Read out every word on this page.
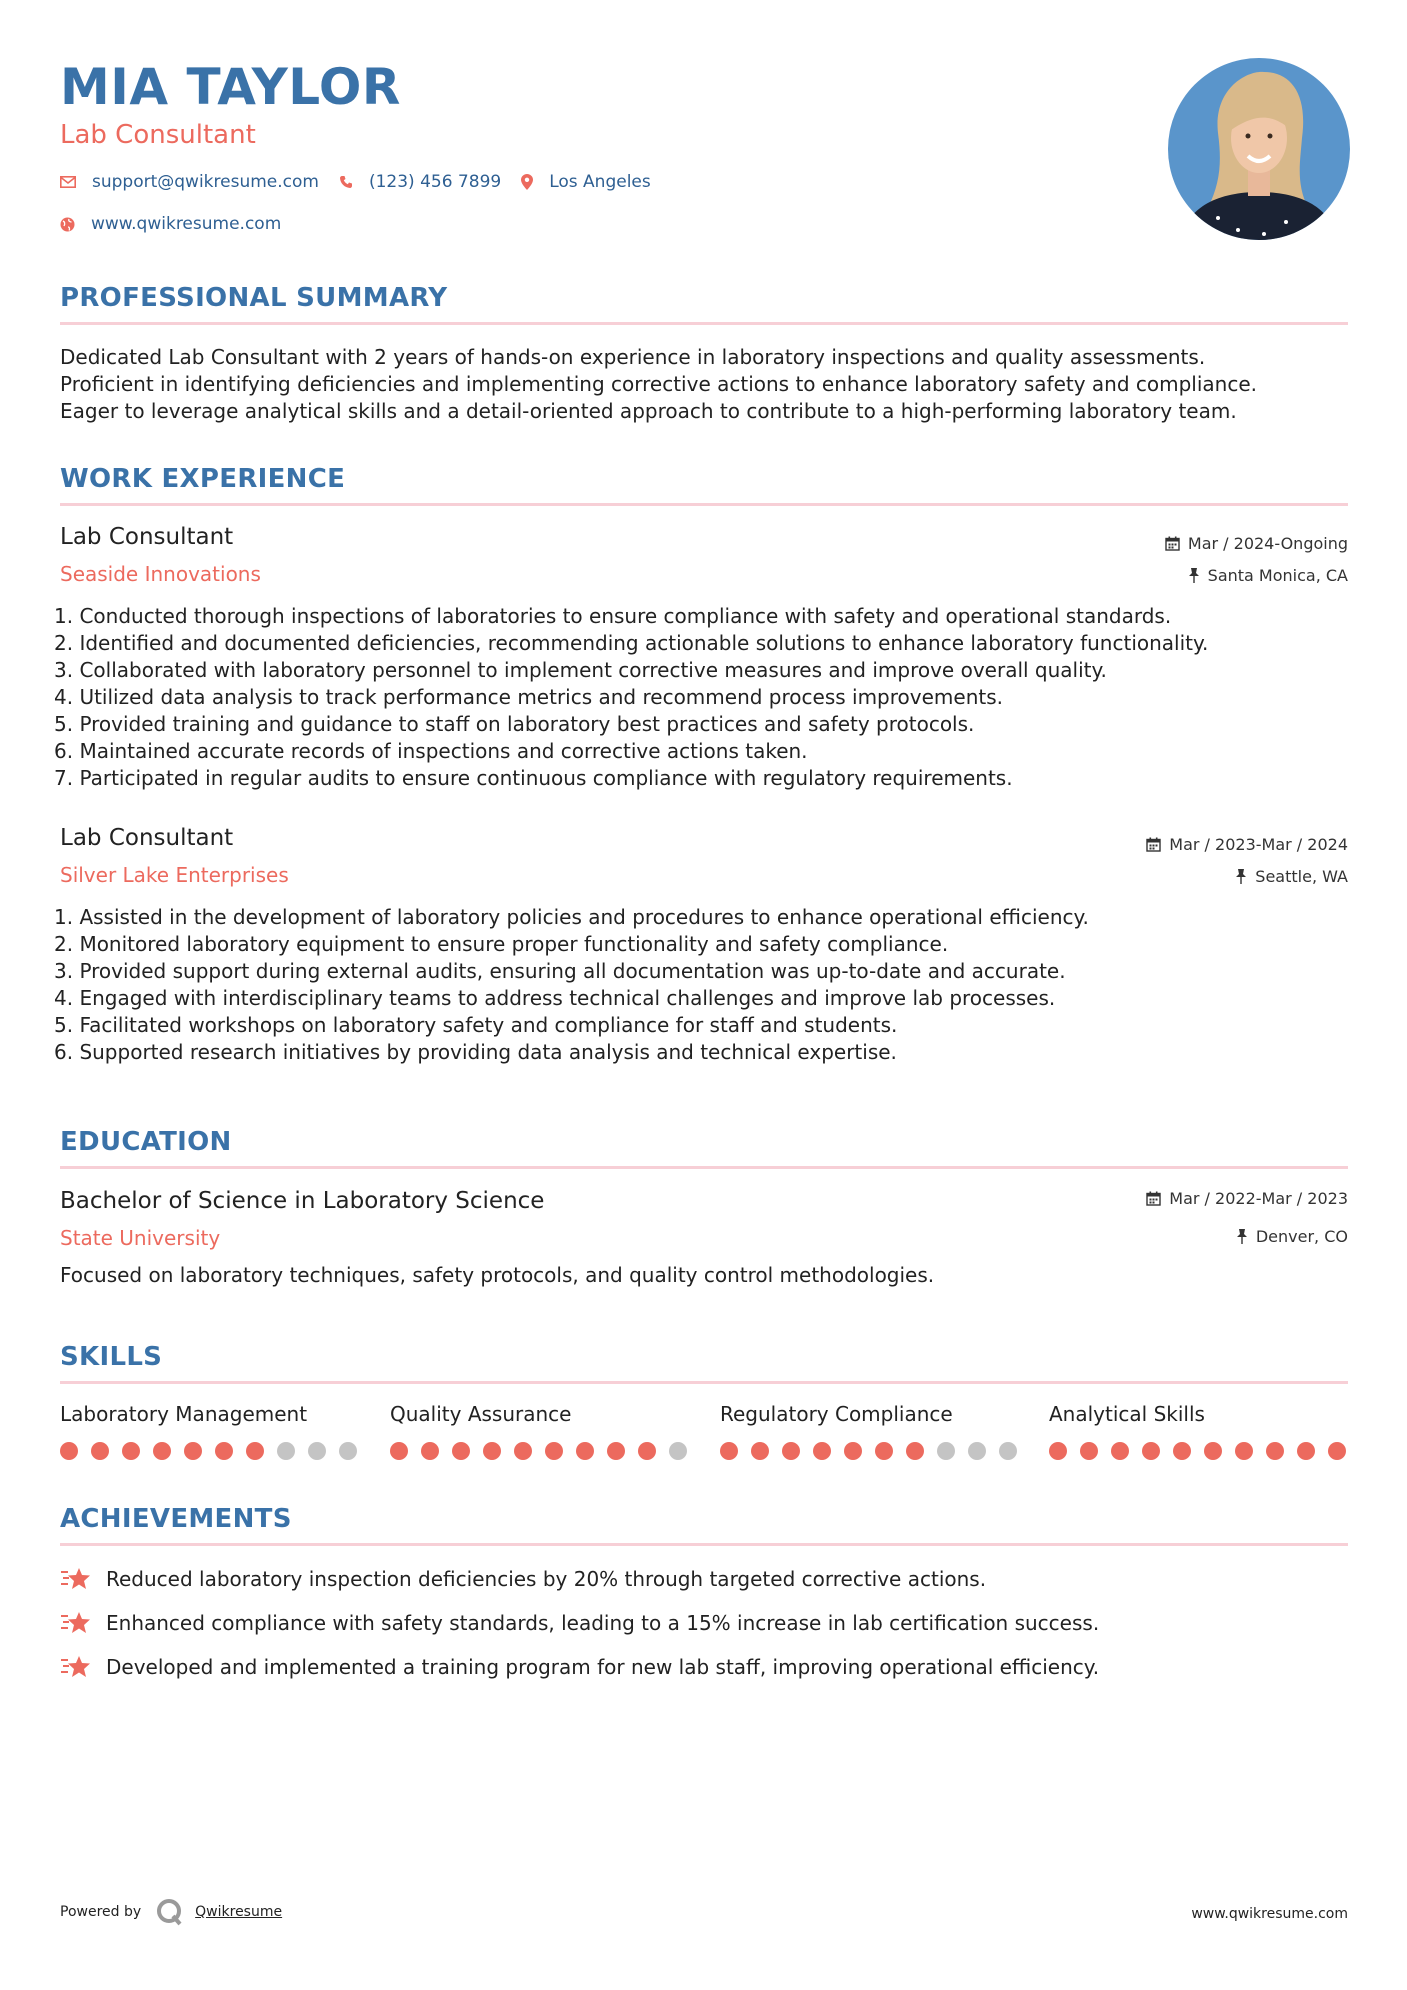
MIA TAYLOR
Lab Consultant
support@qwikresume.com	(123) 456 7899	Los Angeles
www.qwikresume.com
PROFESSIONAL SUMMARY
Dedicated Lab Consultant with 2 years of hands-on experience in laboratory inspections and quality assessments.
Proficient in identifying deficiencies and implementing corrective actions to enhance laboratory safety and compliance.
Eager to leverage analytical skills and a detail-oriented approach to contribute to a high-performing laboratory team.
WORK EXPERIENCE
Lab Consultant
Seaside Innovations
Mar / 2024-Ongoing
Santa Monica, CA
1. Conducted thorough inspections of laboratories to ensure compliance with safety and operational standards.
2. Identified and documented deficiencies, recommending actionable solutions to enhance laboratory functionality.
3. Collaborated with laboratory personnel to implement corrective measures and improve overall quality.
4. Utilized data analysis to track performance metrics and recommend process improvements.
5. Provided training and guidance to staff on laboratory best practices and safety protocols.
6. Maintained accurate records of inspections and corrective actions taken.
7. Participated in regular audits to ensure continuous compliance with regulatory requirements.
Lab Consultant
Silver Lake Enterprises
Mar / 2023-Mar / 2024
Seattle, WA
1. Assisted in the development of laboratory policies and procedures to enhance operational efficiency.
2. Monitored laboratory equipment to ensure proper functionality and safety compliance.
3. Provided support during external audits, ensuring all documentation was up-to-date and accurate.
4. Engaged with interdisciplinary teams to address technical challenges and improve lab processes.
5. Facilitated workshops on laboratory safety and compliance for staff and students.
6. Supported research initiatives by providing data analysis and technical expertise.
EDUCATION
Bachelor of Science in Laboratory Science
State University
Mar / 2022-Mar / 2023
Denver, CO
Focused on laboratory techniques, safety protocols, and quality control methodologies.
SKILLS
Laboratory Management	Quality Assurance	Regulatory Compliance	Analytical Skills
ACHIEVEMENTS
Reduced laboratory inspection deficiencies by 20% through targeted corrective actions.
Enhanced compliance with safety standards, leading to a 15% increase in lab certification success.
Developed and implemented a training program for new lab staff, improving operational efficiency.
Powered by	Qwikresume	www.qwikresume.com
